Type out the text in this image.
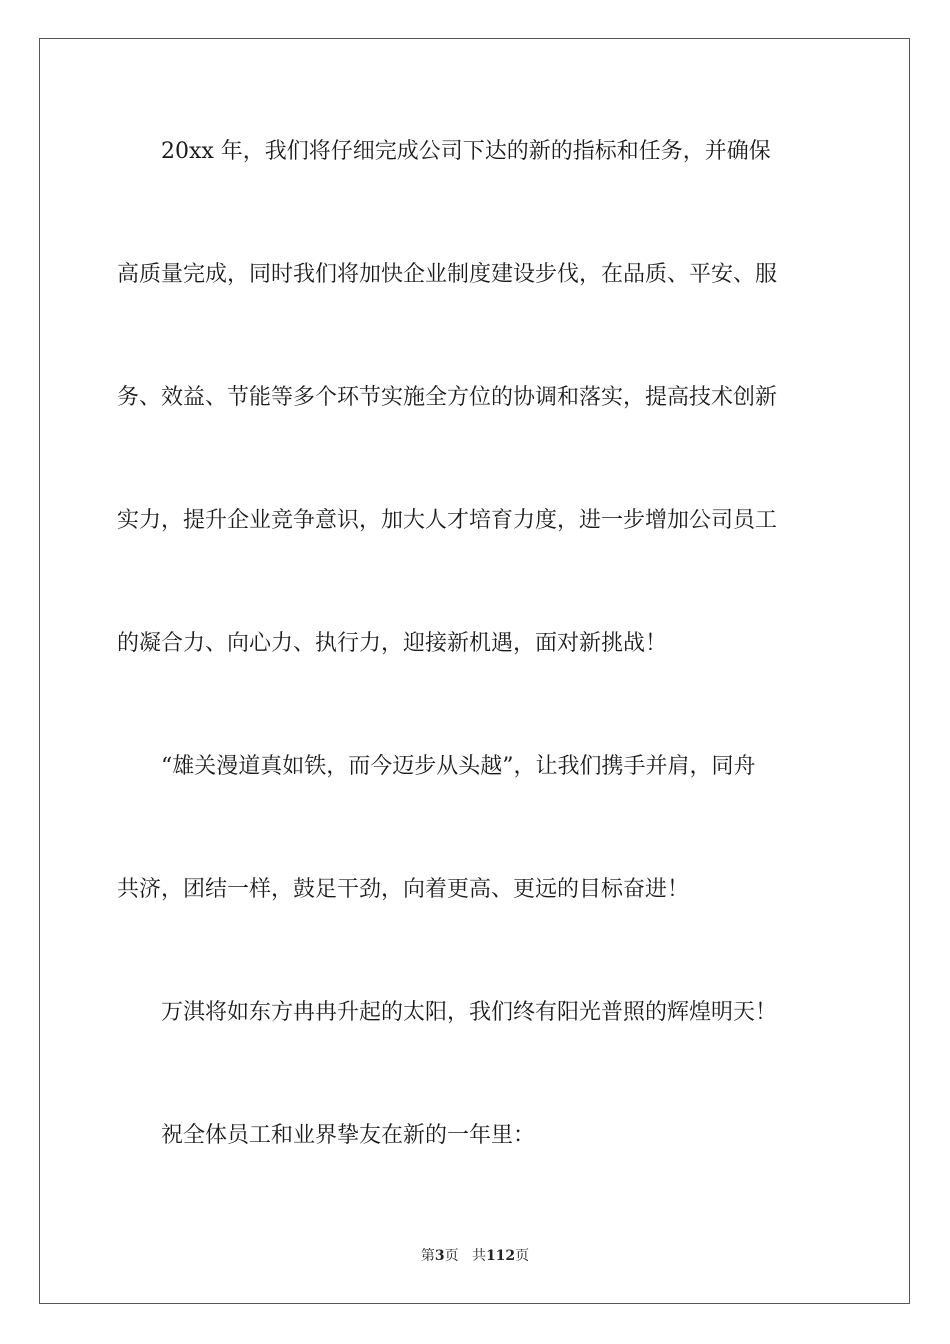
　　20xx 年，我们将仔细完成公司下达的新的指标和任务，并确保
高质量完成，同时我们将加快企业制度建设步伐，在品质、平安、服
务、效益、节能等多个环节实施全方位的协调和落实，提高技术创新
实力，提升企业竞争意识，加大人才培育力度，进一步增加公司员工
的凝合力、向心力、执行力，迎接新机遇，面对新挑战！
　　“雄关漫道真如铁，而今迈步从头越”，让我们携手并肩，同舟
共济，团结一样，鼓足干劲，向着更高、更远的目标奋进！
　　万淇将如东方冉冉升起的太阳，我们终有阳光普照的辉煌明天！
　　祝全体员工和业界挚友在新的一年里：
第3页 共112页
